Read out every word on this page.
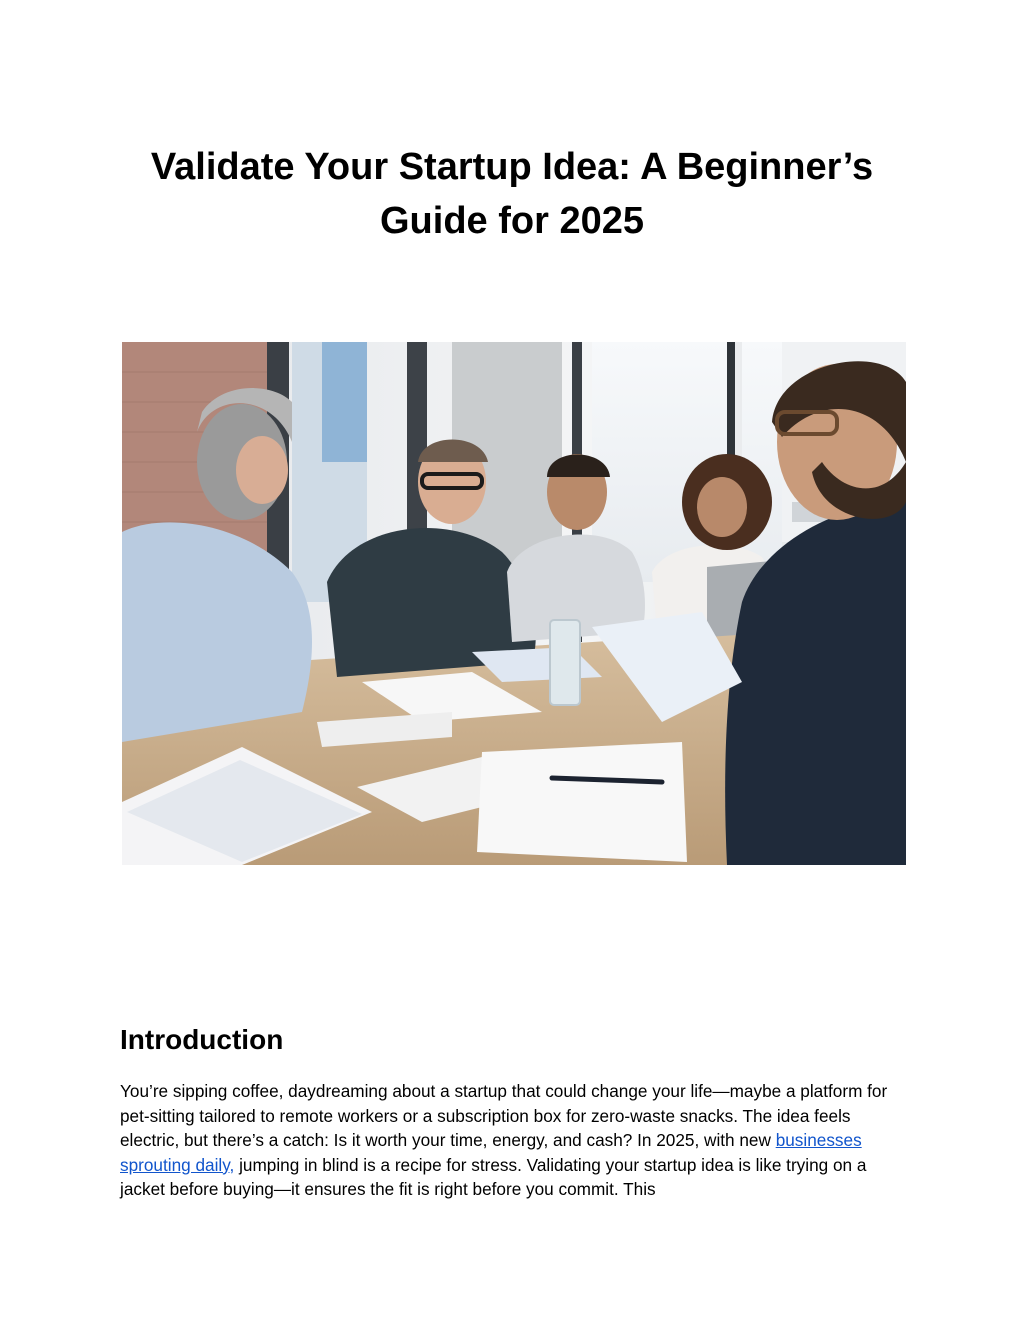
Validate Your Startup Idea: A Beginner’s Guide for 2025
Introduction

You’re sipping coffee, daydreaming about a startup that could change your life—maybe a platform for pet-sitting tailored to remote workers or a subscription box for zero-waste snacks. The idea feels electric, but there’s a catch: Is it worth your time, energy, and cash? In 2025, with new businesses sprouting daily, jumping in blind is a recipe for stress. Validating your startup idea is like trying on a jacket before buying—it ensures the fit is right before you commit. This
